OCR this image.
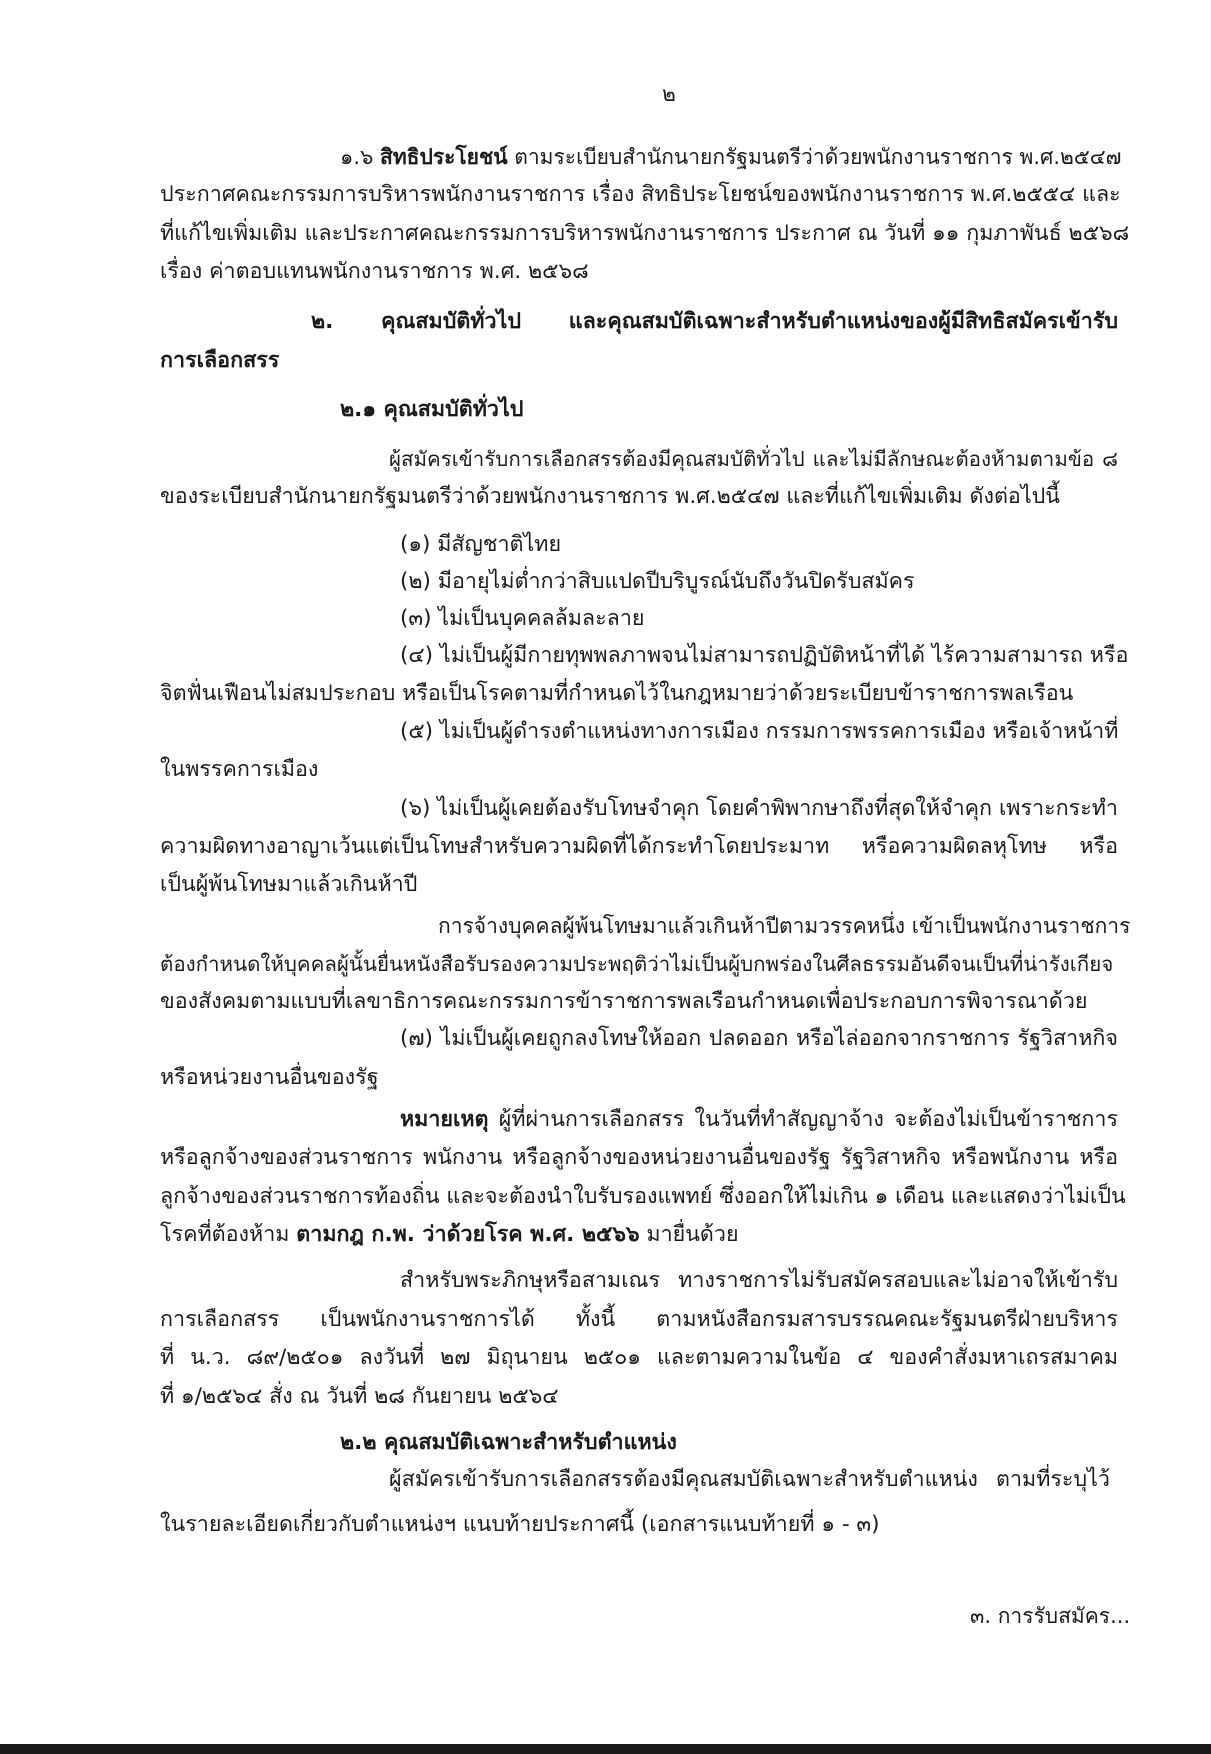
๒
๑.๖ สิทธิประโยชน์ ตามระเบียบสำนักนายกรัฐมนตรีว่าด้วยพนักงานราชการ พ.ศ.๒๕๔๗
ประกาศคณะกรรมการบริหารพนักงานราชการ เรื่อง สิทธิประโยชน์ของพนักงานราชการ พ.ศ.๒๕๕๔ และ
ที่แก้ไขเพิ่มเติม และประกาศคณะกรรมการบริหารพนักงานราชการ ประกาศ ณ วันที่ ๑๑ กุมภาพันธ์ ๒๕๖๘
เรื่อง ค่าตอบแทนพนักงานราชการ พ.ศ. ๒๕๖๘
๒. คุณสมบัติทั่วไป และคุณสมบัติเฉพาะสำหรับตำแหน่งของผู้มีสิทธิสมัครเข้ารับ
การเลือกสรร
๒.๑ คุณสมบัติทั่วไป
ผู้สมัครเข้ารับการเลือกสรรต้องมีคุณสมบัติทั่วไป และไม่มีลักษณะต้องห้ามตามข้อ ๘
ของระเบียบสำนักนายกรัฐมนตรีว่าด้วยพนักงานราชการ พ.ศ.๒๕๔๗ และที่แก้ไขเพิ่มเติม ดังต่อไปนี้
(๑) มีสัญชาติไทย
(๒) มีอายุไม่ต่ำกว่าสิบแปดปีบริบูรณ์นับถึงวันปิดรับสมัคร
(๓) ไม่เป็นบุคคลล้มละลาย
(๔) ไม่เป็นผู้มีกายทุพพลภาพจนไม่สามารถปฏิบัติหน้าที่ได้ ไร้ความสามารถ หรือ
จิตฟั่นเฟือนไม่สมประกอบ หรือเป็นโรคตามที่กำหนดไว้ในกฎหมายว่าด้วยระเบียบข้าราชการพลเรือน
(๕) ไม่เป็นผู้ดำรงตำแหน่งทางการเมือง กรรมการพรรคการเมือง หรือเจ้าหน้าที่
ในพรรคการเมือง
(๖) ไม่เป็นผู้เคยต้องรับโทษจำคุก โดยคำพิพากษาถึงที่สุดให้จำคุก เพราะกระทำ
ความผิดทางอาญาเว้นแต่เป็นโทษสำหรับความผิดที่ได้กระทำโดยประมาท หรือความผิดลหุโทษ หรือ
เป็นผู้พ้นโทษมาแล้วเกินห้าปี
การจ้างบุคคลผู้พ้นโทษมาแล้วเกินห้าปีตามวรรคหนึ่ง เข้าเป็นพนักงานราชการ
ต้องกำหนดให้บุคคลผู้นั้นยื่นหนังสือรับรองความประพฤติว่าไม่เป็นผู้บกพร่องในศีลธรรมอันดีจนเป็นที่น่ารังเกียจ
ของสังคมตามแบบที่เลขาธิการคณะกรรมการข้าราชการพลเรือนกำหนดเพื่อประกอบการพิจารณาด้วย
(๗) ไม่เป็นผู้เคยถูกลงโทษให้ออก ปลดออก หรือไล่ออกจากราชการ รัฐวิสาหกิจ
หรือหน่วยงานอื่นของรัฐ
หมายเหตุ ผู้ที่ผ่านการเลือกสรร ในวันที่ทำสัญญาจ้าง จะต้องไม่เป็นข้าราชการ
หรือลูกจ้างของส่วนราชการ พนักงาน หรือลูกจ้างของหน่วยงานอื่นของรัฐ รัฐวิสาหกิจ หรือพนักงาน หรือ
ลูกจ้างของส่วนราชการท้องถิ่น และจะต้องนำใบรับรองแพทย์ ซึ่งออกให้ไม่เกิน ๑ เดือน และแสดงว่าไม่เป็น
โรคที่ต้องห้าม ตามกฎ ก.พ. ว่าด้วยโรค พ.ศ. ๒๕๖๖ มายื่นด้วย
สำหรับพระภิกษุหรือสามเณร ทางราชการไม่รับสมัครสอบและไม่อาจให้เข้ารับ
การเลือกสรร เป็นพนักงานราชการได้ ทั้งนี้ ตามหนังสือกรมสารบรรณคณะรัฐมนตรีฝ่ายบริหาร
ที่ น.ว. ๘๙/๒๕๐๑ ลงวันที่ ๒๗ มิถุนายน ๒๕๐๑ และตามความในข้อ ๔ ของคำสั่งมหาเถรสมาคม
ที่ ๑/๒๕๖๔ สั่ง ณ วันที่ ๒๘ กันยายน ๒๕๖๔
๒.๒ คุณสมบัติเฉพาะสำหรับตำแหน่ง
ผู้สมัครเข้ารับการเลือกสรรต้องมีคุณสมบัติเฉพาะสำหรับตำแหน่ง ตามที่ระบุไว้
ในรายละเอียดเกี่ยวกับตำแหน่งฯ แนบท้ายประกาศนี้ (เอกสารแนบท้ายที่ ๑ - ๓)
๓. การรับสมัคร...
